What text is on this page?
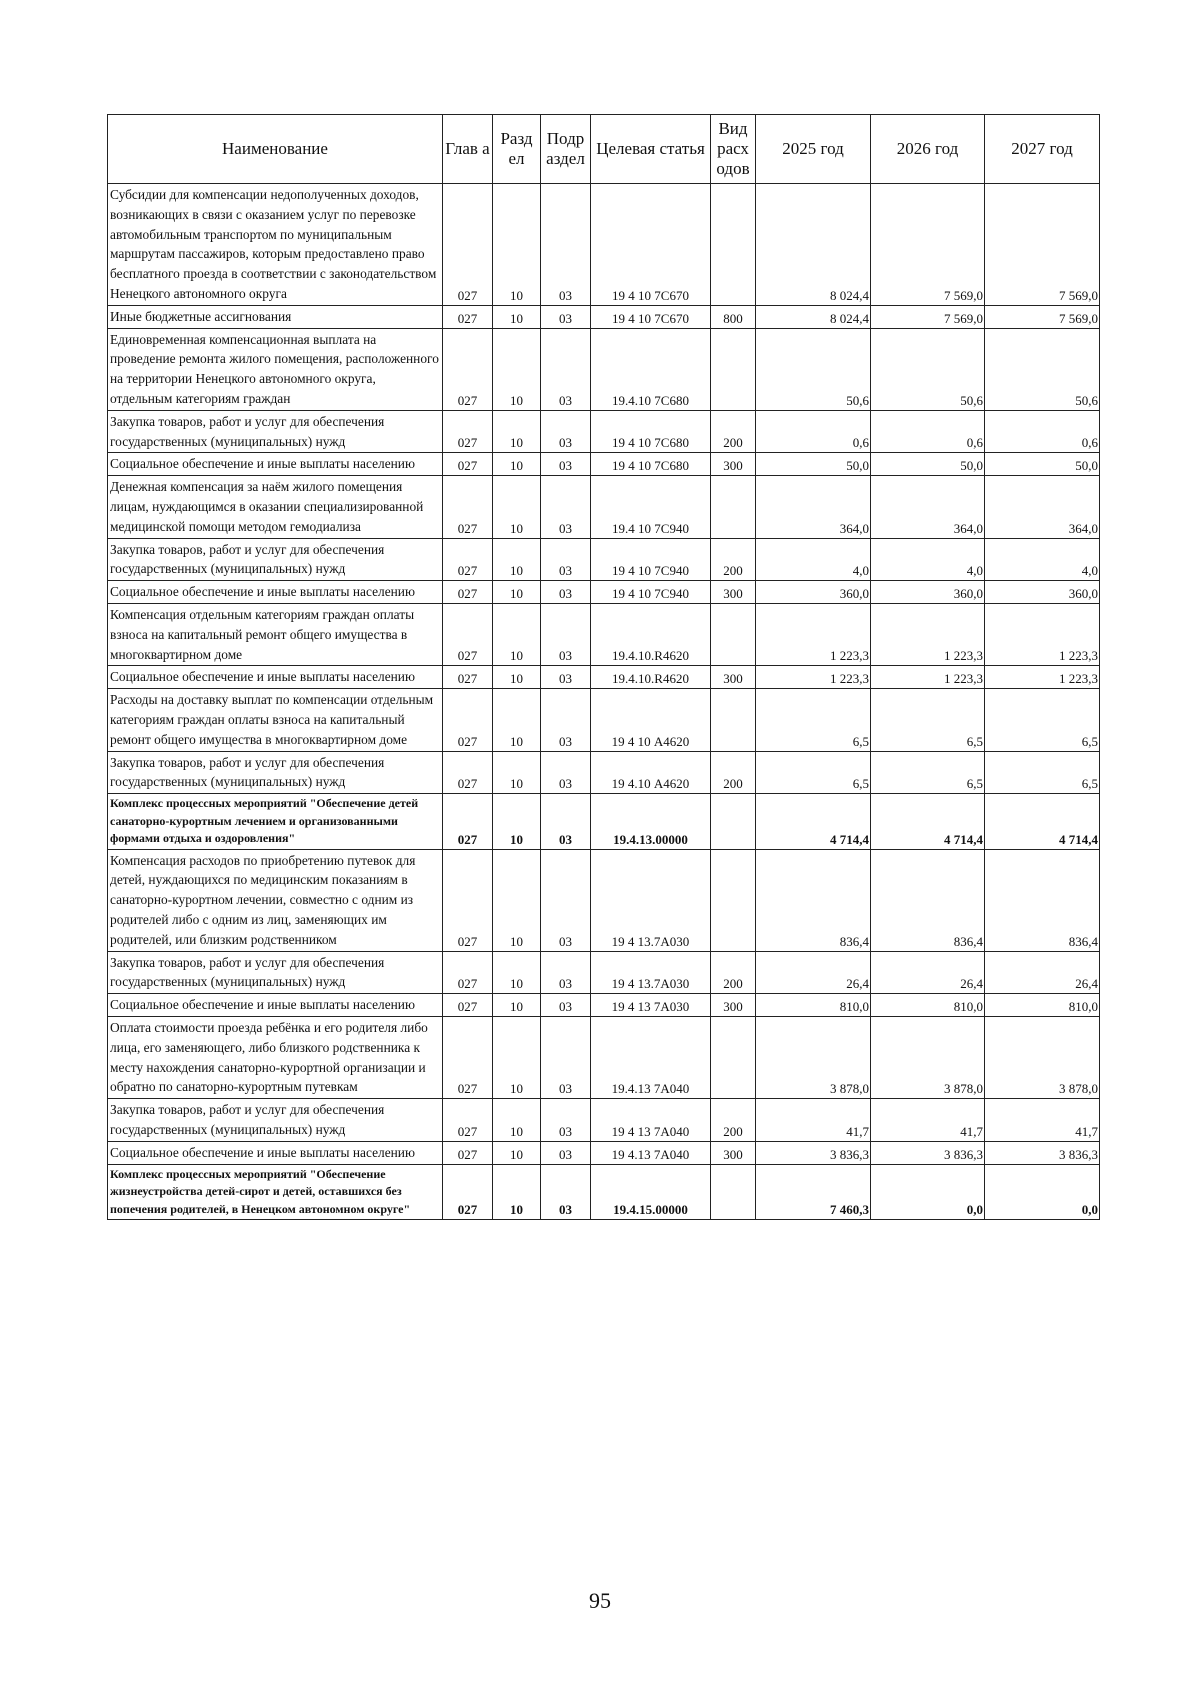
Наименование	Глав а	Разд ел	Подр аздел	Целевая статья	Вид расх одов	2025 год	2026 год	2027 год
Субсидии для компенсации недополученных доходов, возникающих в связи с оказанием услуг по перевозке автомобильным транспортом по муниципальным маршрутам пассажиров, которым предоставлено право бесплатного проезда в соответствии с законодательством Ненецкого автономного округа	027	10	03	19 4 10 7С670		8 024,4	7 569,0	7 569,0
Иные бюджетные ассигнования	027	10	03	19 4 10 7С670	800	8 024,4	7 569,0	7 569,0
Единовременная компенсационная выплата на проведение ремонта жилого помещения, расположенного на территории Ненецкого автономного округа, отдельным категориям граждан	027	10	03	19.4.10 7С680		50,6	50,6	50,6
Закупка товаров, работ и услуг для обеспечения государственных (муниципальных) нужд	027	10	03	19 4 10 7С680	200	0,6	0,6	0,6
Социальное обеспечение и иные выплаты населению	027	10	03	19 4 10 7С680	300	50,0	50,0	50,0
Денежная компенсация за наём жилого помещения лицам, нуждающимся в оказании специализированной медицинской помощи методом гемодиализа	027	10	03	19.4 10 7С940		364,0	364,0	364,0
Закупка товаров, работ и услуг для обеспечения государственных (муниципальных) нужд	027	10	03	19 4 10 7С940	200	4,0	4,0	4,0
Социальное обеспечение и иные выплаты населению	027	10	03	19 4 10 7С940	300	360,0	360,0	360,0
Компенсация отдельным категориям граждан оплаты взноса на капитальный ремонт общего имущества в многоквартирном доме	027	10	03	19.4.10.R4620		1 223,3	1 223,3	1 223,3
Социальное обеспечение и иные выплаты населению	027	10	03	19.4.10.R4620	300	1 223,3	1 223,3	1 223,3
Расходы на доставку выплат по компенсации отдельным категориям граждан оплаты взноса на капитальный ремонт общего имущества в многоквартирном доме	027	10	03	19 4 10 А4620		6,5	6,5	6,5
Закупка товаров, работ и услуг для обеспечения государственных (муниципальных) нужд	027	10	03	19 4.10 А4620	200	6,5	6,5	6,5
Комплекс процессных мероприятий "Обеспечение детей санаторно-курортным лечением и организованными формами отдыха и оздоровления"	027	10	03	19.4.13.00000		4 714,4	4 714,4	4 714,4
Компенсация расходов по приобретению путевок для детей, нуждающихся по медицинским показаниям в санаторно-курортном лечении, совместно с одним из родителей либо с одним из лиц, заменяющих им родителей, или близким родственником	027	10	03	19 4 13.7А030		836,4	836,4	836,4
Закупка товаров, работ и услуг для обеспечения государственных (муниципальных) нужд	027	10	03	19 4 13.7А030	200	26,4	26,4	26,4
Социальное обеспечение и иные выплаты населению	027	10	03	19 4 13 7А030	300	810,0	810,0	810,0
Оплата стоимости проезда ребёнка и его родителя либо лица, его заменяющего, либо близкого родственника к месту нахождения санаторно-курортной организации и обратно по санаторно-курортным путевкам	027	10	03	19.4.13 7А040		3 878,0	3 878,0	3 878,0
Закупка товаров, работ и услуг для обеспечения государственных (муниципальных) нужд	027	10	03	19 4 13 7А040	200	41,7	41,7	41,7
Социальное обеспечение и иные выплаты населению	027	10	03	19 4.13 7А040	300	3 836,3	3 836,3	3 836,3
Комплекс процессных мероприятий "Обеспечение жизнеустройства детей-сирот и детей, оставшихся без попечения родителей, в Ненецком автономном округе"	027	10	03	19.4.15.00000		7 460,3	0,0	0,0
95
